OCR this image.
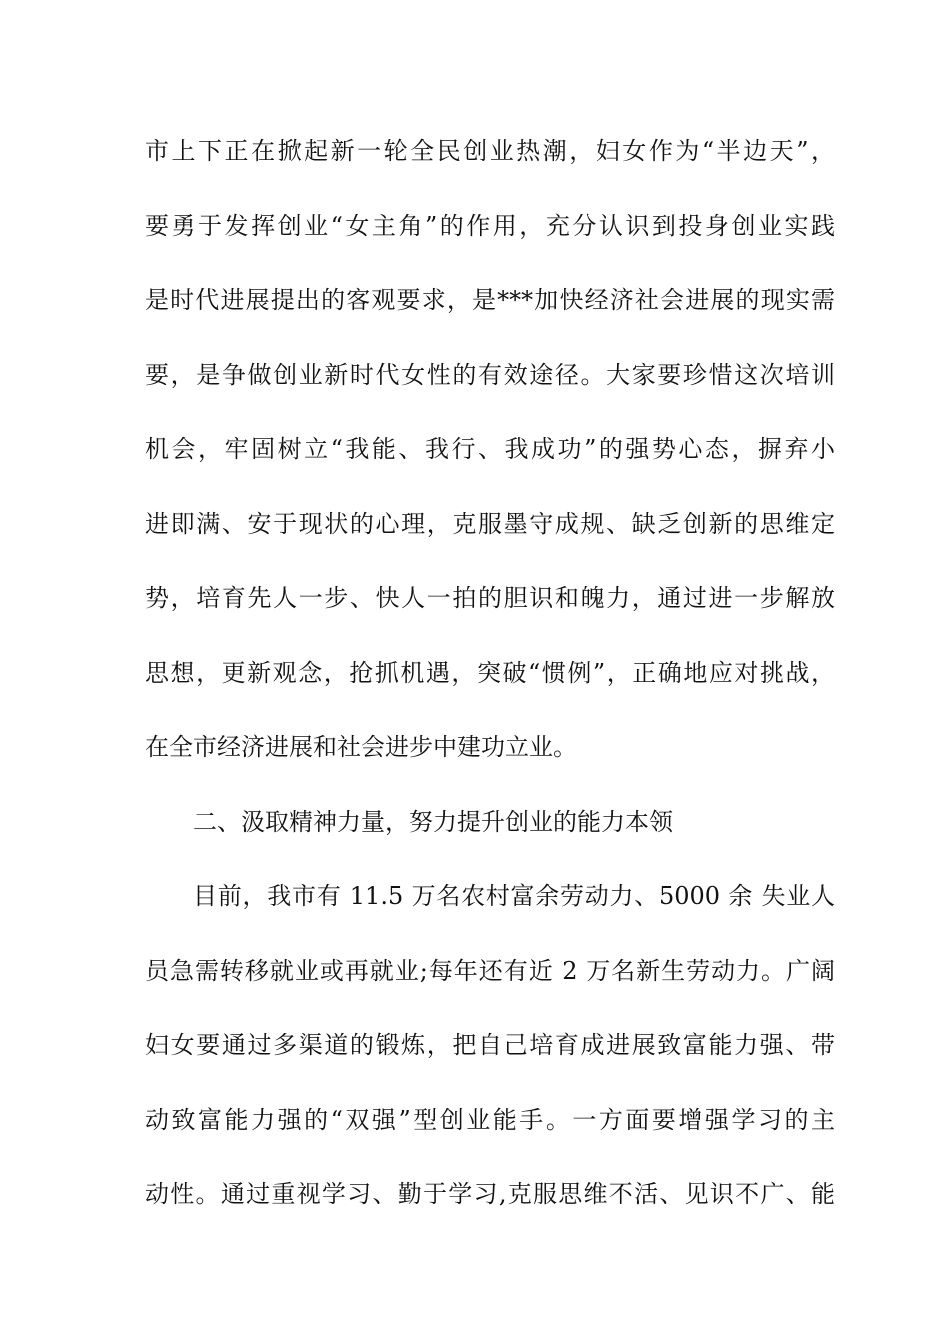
市上下正在掀起新一轮全民创业热潮，妇女作为“半边天”，
要勇于发挥创业“女主角”的作用，充分认识到投身创业实践
是时代进展提出的客观要求，是***加快经济社会进展的现实需
要，是争做创业新时代女性的有效途径。大家要珍惜这次培训
机会，牢固树立“我能、我行、我成功”的强势心态，摒弃小
进即满、安于现状的心理，克服墨守成规、缺乏创新的思维定
势，培育先人一步、快人一拍的胆识和魄力，通过进一步解放
思想，更新观念，抢抓机遇，突破“惯例”，正确地应对挑战，
在全市经济进展和社会进步中建功立业。
二、汲取精神力量，努力提升创业的能力本领
目前，我市有 11.5 万名农村富余劳动力、5000 余 失业人
员急需转移就业或再就业;每年还有近 2 万名新生劳动力。广阔
妇女要通过多渠道的锻炼，把自己培育成进展致富能力强、带
动致富能力强的“双强”型创业能手。一方面要增强学习的主
动性。通过重视学习、勤于学习,克服思维不活、见识不广、能
